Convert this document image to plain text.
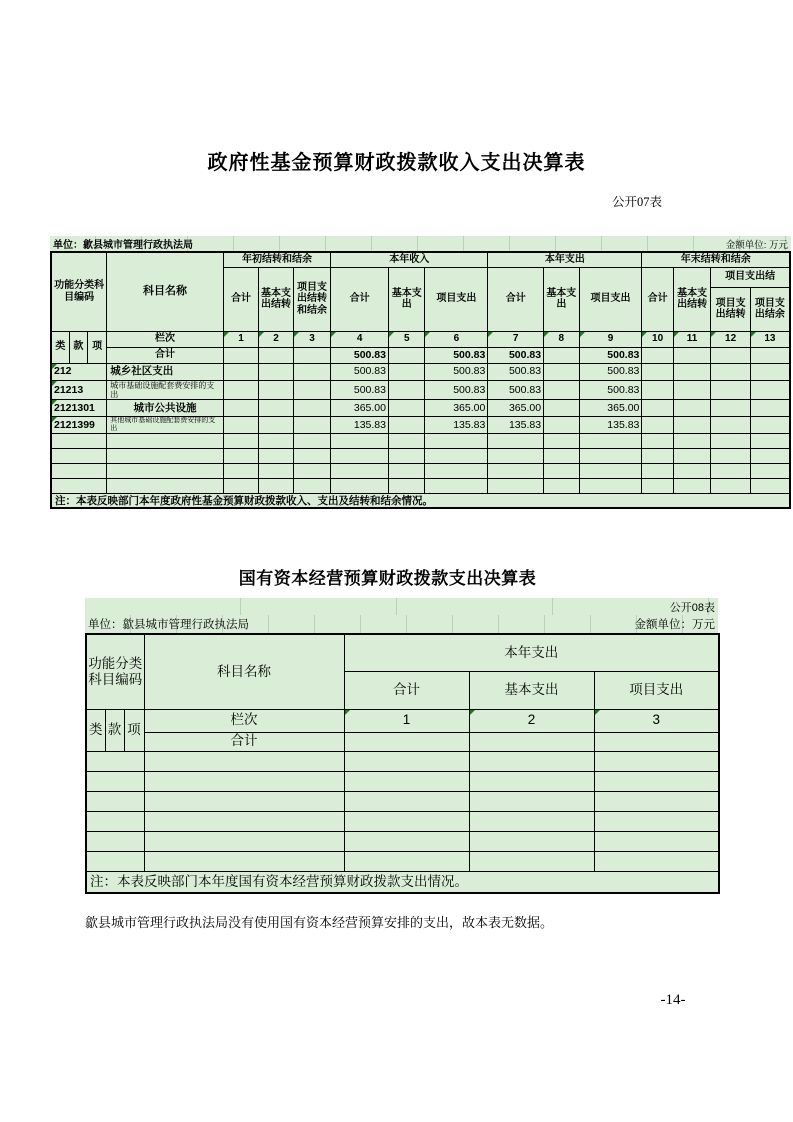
政府性基金预算财政拨款收入支出决算表
公开07表
单位：歙县城市管理行政执法局	金额单位: 万元
功能分类科目编码			科目名称	年初结转和结余			本年收入			本年支出			年末结转和结余			
				合计	基本支出结转	项目支出结转和结余	合计	基本支出	项目支出	合计	基本支出	项目支出	合计	基本支出结转	项目支出结	
															项目支出结转	项目支出结余
类	款	项	栏次	1	2	3	4	5	6	7	8	9	10	11	12	13
			合计				500.83		500.83	500.83		500.83				
212			城乡社区支出				500.83		500.83	500.83		500.83				
21213			城市基础设施配套费安排的支出				500.83		500.83	500.83		500.83				
2121301			城市公共设施				365.00		365.00	365.00		365.00				
2121399			其他城市基础设施配套费安排的支出				135.83		135.83	135.83		135.83				

注：本表反映部门本年度政府性基金预算财政拨款收入、支出及结转和结余情况。																
国有资本经营预算财政拨款支出决算表
公开08表
单位：歙县城市管理行政执法局	金额单位：万元
功能分类科目编码			科目名称	本年支出		
				合计	基本支出	项目支出
类	款	项	栏次	1	2	3
			合计			

注：本表反映部门本年度国有资本经营预算财政拨款支出情况。						
歙县城市管理行政执法局没有使用国有资本经营预算安排的支出，故本表无数据。
-14-
